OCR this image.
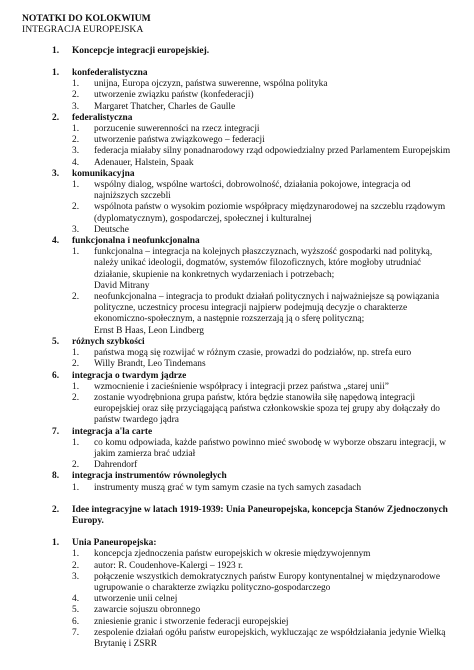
NOTATKI DO KOLOKWIUM
INTEGRACJA EUROPEJSKA
1. Koncepcje integracji europejskiej.
1. konfederalistyczna
1. unijna, Europa ojczyzn, państwa suwerenne, wspólna polityka
2. utworzenie związku państw (konfederacji)
3. Margaret Thatcher, Charles de Gaulle
2. federalistyczna
1. porzucenie suwerenności na rzecz integracji
2. utworzenie państwa związkowego – federacji
3. federacja miałaby silny ponadnarodowy rząd odpowiedzialny przed Parlamentem Europejskim
4. Adenauer, Halstein, Spaak
3. komunikacyjna
1. wspólny dialog, wspólne wartości, dobrowolność, działania pokojowe, integracja od najniższych szczebli
2. wspólnota państw o wysokim poziomie współpracy międzynarodowej na szczeblu rządowym (dyplomatycznym), gospodarczej, społecznej i kulturalnej
3. Deutsche
4. funkcjonalna i neofunkcjonalna
1. funkcjonalna – integracja na kolejnych płaszczyznach, wyższość gospodarki nad polityką, należy unikać ideologii, dogmatów, systemów filozoficznych, które mogłoby utrudniać działanie, skupienie na konkretnych wydarzeniach i potrzebach;
David Mitrany
2. neofunkcjonalna – integracja to produkt działań politycznych i najważniejsze są powiązania polityczne, uczestnicy procesu integracji najpierw podejmują decyzje o charakterze ekonomiczno-społecznym, a następnie rozszerzają ją o sferę polityczną;
Ernst B Haas, Leon Lindberg
5. różnych szybkości
1. państwa mogą się rozwijać w różnym czasie, prowadzi do podziałów, np. strefa euro
2. Willy Brandt, Leo Tindemans
6. integracja o twardym jądrze
1. wzmocnienie i zacieśnienie współpracy i integracji przez państwa „starej unii”
2. zostanie wyodrębniona grupa państw, która będzie stanowiła siłę napędową integracji europejskiej oraz siłę przyciągającą państwa członkowskie spoza tej grupy aby dołączały do państw twardego jądra
7. integracja a'la carte
1. co komu odpowiada, każde państwo powinno mieć swobodę w wyborze obszaru integracji, w jakim zamierza brać udział
2. Dahrendorf
8. integracja instrumentów równoległych
1. instrumenty muszą grać w tym samym czasie na tych samych zasadach
2. Idee integracyjne w latach 1919-1939: Unia Paneuropejska, koncepcja Stanów Zjednoczonych Europy.
1. Unia Paneuropejska:
1. koncepcja zjednoczenia państw europejskich w okresie międzywojennym
2. autor: R. Coudenhove-Kalergi – 1923 r.
3. połączenie wszystkich demokratycznych państw Europy kontynentalnej w międzynarodowe ugrupowanie o charakterze związku polityczno-gospodarczego
4. utworzenie unii celnej
5. zawarcie sojuszu obronnego
6. zniesienie granic i stworzenie federacji europejskiej
7. zespolenie działań ogółu państw europejskich, wykluczając ze współdziałania jedynie Wielką Brytanię i ZSRR
